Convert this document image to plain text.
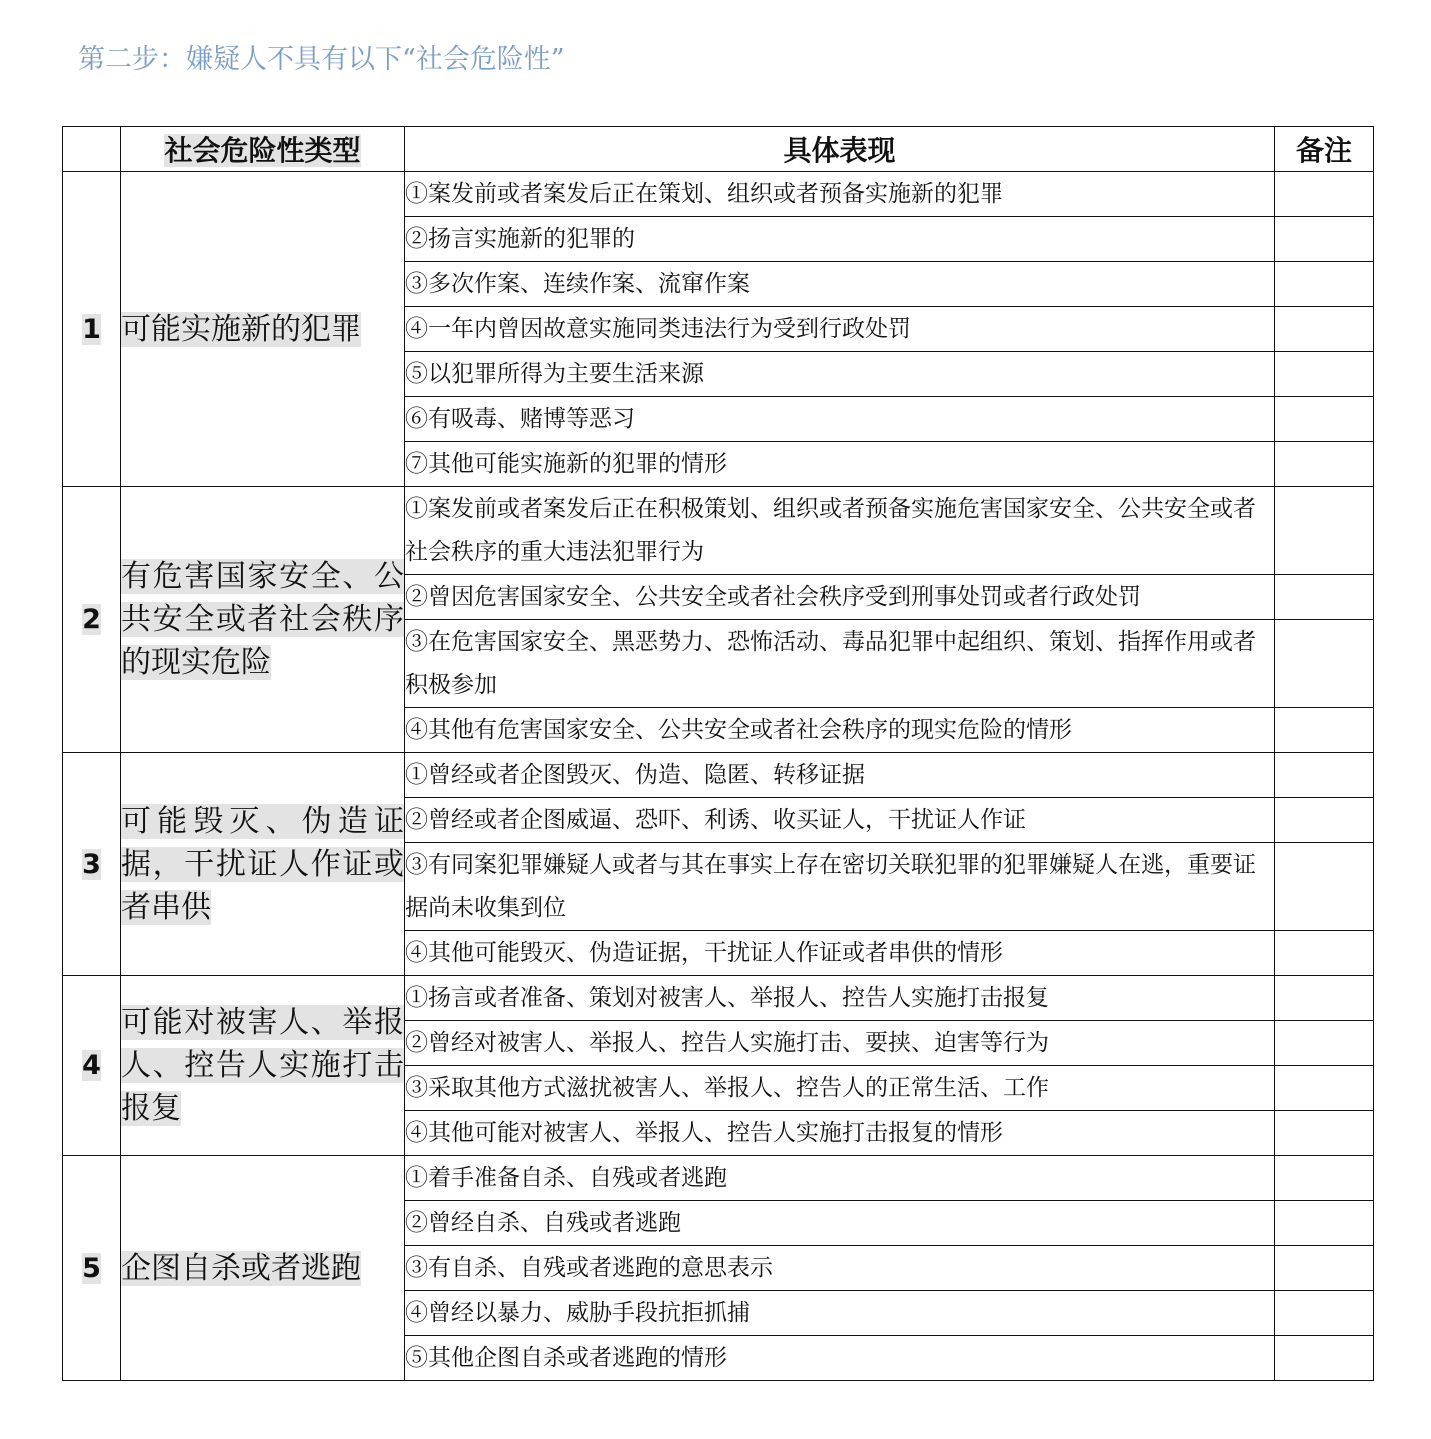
第二步：嫌疑人不具有以下“社会危险性”
	社会危险性类型	具体表现	备注
1	可能实施新的犯罪	①案发前或者案发后正在策划、组织或者预备实施新的犯罪	
		②扬言实施新的犯罪的	
		③多次作案、连续作案、流窜作案	
		④一年内曾因故意实施同类违法行为受到行政处罚	
		⑤以犯罪所得为主要生活来源	
		⑥有吸毒、赌博等恶习	
		⑦其他可能实施新的犯罪的情形	
2	有危害国家安全、公共安全或者社会秩序的现实危险	①案发前或者案发后正在积极策划、组织或者预备实施危害国家安全、公共安全或者社会秩序的重大违法犯罪行为	
		②曾因危害国家安全、公共安全或者社会秩序受到刑事处罚或者行政处罚	
		③在危害国家安全、黑恶势力、恐怖活动、毒品犯罪中起组织、策划、指挥作用或者积极参加	
		④其他有危害国家安全、公共安全或者社会秩序的现实危险的情形	
3	可能毁灭、伪造证据，干扰证人作证或者串供	①曾经或者企图毁灭、伪造、隐匿、转移证据	
		②曾经或者企图威逼、恐吓、利诱、收买证人，干扰证人作证	
		③有同案犯罪嫌疑人或者与其在事实上存在密切关联犯罪的犯罪嫌疑人在逃，重要证据尚未收集到位	
		④其他可能毁灭、伪造证据，干扰证人作证或者串供的情形	
4	可能对被害人、举报人、控告人实施打击报复	①扬言或者准备、策划对被害人、举报人、控告人实施打击报复	
		②曾经对被害人、举报人、控告人实施打击、要挟、迫害等行为	
		③采取其他方式滋扰被害人、举报人、控告人的正常生活、工作	
		④其他可能对被害人、举报人、控告人实施打击报复的情形	
5	企图自杀或者逃跑	①着手准备自杀、自残或者逃跑	
		②曾经自杀、自残或者逃跑	
		③有自杀、自残或者逃跑的意思表示	
		④曾经以暴力、威胁手段抗拒抓捕	
		⑤其他企图自杀或者逃跑的情形	
